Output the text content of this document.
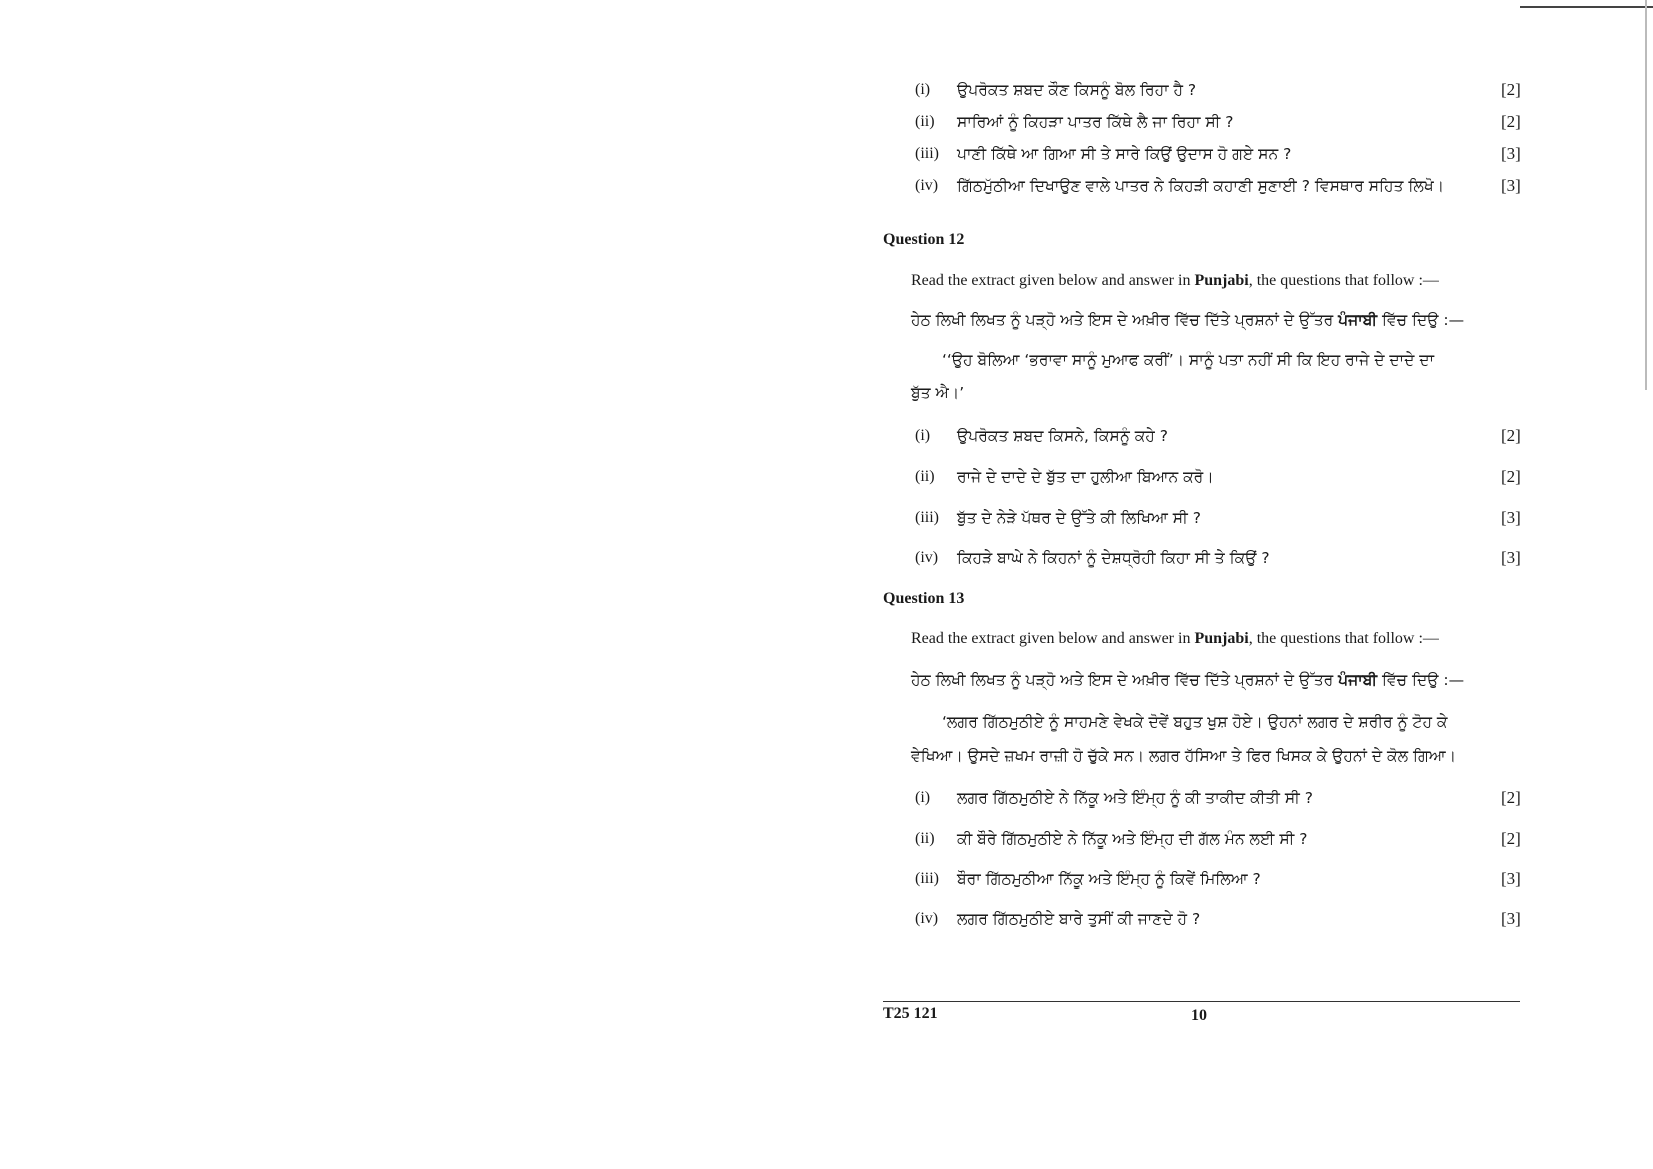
(i) ਉਪਰੋਕਤ ਸ਼ਬਦ ਕੌਣ ਕਿਸਨੂੰ ਬੋਲ ਰਿਹਾ ਹੈ ?	[2]
(ii) ਸਾਰਿਆਂ ਨੂੰ ਕਿਹੜਾ ਪਾਤਰ ਕਿੱਥੇ ਲੈ ਜਾ ਰਿਹਾ ਸੀ ?	[2]
(iii) ਪਾਣੀ ਕਿੱਥੇ ਆ ਗਿਆ ਸੀ ਤੇ ਸਾਰੇ ਕਿਉਂ ਉਦਾਸ ਹੋ ਗਏ ਸਨ ?	[3]
(iv) ਗਿੱਠਮੁੱਠੀਆ ਦਿਖਾਉਣ ਵਾਲੇ ਪਾਤਰ ਨੇ ਕਿਹੜੀ ਕਹਾਣੀ ਸੁਣਾਈ ? ਵਿਸਥਾਰ ਸਹਿਤ ਲਿਖੋ।	[3]
Question 12
Read the extract given below and answer in Punjabi, the questions that follow :—
ਹੇਠ ਲਿਖੀ ਲਿਖਤ ਨੂੰ ਪੜ੍ਹੋ ਅਤੇ ਇਸ ਦੇ ਅਖ਼ੀਰ ਵਿੱਚ ਦਿੱਤੇ ਪ੍ਰਸ਼ਨਾਂ ਦੇ ਉੱਤਰ ਪੰਜਾਬੀ ਵਿੱਚ ਦਿਉ :—
‘‘ਉਹ ਬੋਲਿਆ ‘ਭਰਾਵਾ ਸਾਨੂੰ ਮੁਆਫ ਕਰੀਂ’। ਸਾਨੂੰ ਪਤਾ ਨਹੀਂ ਸੀ ਕਿ ਇਹ ਰਾਜੇ ਦੇ ਦਾਦੇ ਦਾ
ਬੁੱਤ ਐ।’
(i) ਉਪਰੋਕਤ ਸ਼ਬਦ ਕਿਸਨੇ, ਕਿਸਨੂੰ ਕਹੇ ?	[2]
(ii) ਰਾਜੇ ਦੇ ਦਾਦੇ ਦੇ ਬੁੱਤ ਦਾ ਹੁਲੀਆ ਬਿਆਨ ਕਰੋ।	[2]
(iii) ਬੁੱਤ ਦੇ ਨੇੜੇ ਪੱਥਰ ਦੇ ਉੱਤੇ ਕੀ ਲਿਖਿਆ ਸੀ ?	[3]
(iv) ਕਿਹੜੇ ਬਾਘੇ ਨੇ ਕਿਹਨਾਂ ਨੂੰ ਦੇਸ਼ਧ੍ਰੋਹੀ ਕਿਹਾ ਸੀ ਤੇ ਕਿਉਂ ?	[3]
Question 13
Read the extract given below and answer in Punjabi, the questions that follow :—
ਹੇਠ ਲਿਖੀ ਲਿਖਤ ਨੂੰ ਪੜ੍ਹੋ ਅਤੇ ਇਸ ਦੇ ਅਖ਼ੀਰ ਵਿੱਚ ਦਿੱਤੇ ਪ੍ਰਸ਼ਨਾਂ ਦੇ ਉੱਤਰ ਪੰਜਾਬੀ ਵਿੱਚ ਦਿਉ :—
‘ਲਗਰ ਗਿੱਠਮੁਠੀਏ ਨੂੰ ਸਾਹਮਣੇ ਵੇਖਕੇ ਦੋਵੇਂ ਬਹੁਤ ਖੁਸ਼ ਹੋਏ। ਉਹਨਾਂ ਲਗਰ ਦੇ ਸ਼ਰੀਰ ਨੂੰ ਟੋਹ ਕੇ
ਵੇਖਿਆ। ਉਸਦੇ ਜ਼ਖਮ ਰਾਜ਼ੀ ਹੋ ਚੁੱਕੇ ਸਨ। ਲਗਰ ਹੱਸਿਆ ਤੇ ਫਿਰ ਖਿਸਕ ਕੇ ਉਹਨਾਂ ਦੇ ਕੋਲ ਗਿਆ।
(i) ਲਗਰ ਗਿੱਠਮੁਠੀਏ ਨੇ ਨਿੱਕੂ ਅਤੇ ਇੰਮ੍ਹ ਨੂੰ ਕੀ ਤਾਕੀਦ ਕੀਤੀ ਸੀ ?	[2]
(ii) ਕੀ ਬੌਰੇ ਗਿੱਠਮੁਠੀਏ ਨੇ ਨਿੱਕੂ ਅਤੇ ਇੰਮ੍ਹ ਦੀ ਗੱਲ ਮੰਨ ਲਈ ਸੀ ?	[2]
(iii) ਬੌਰਾ ਗਿੱਠਮੁਠੀਆ ਨਿੱਕੂ ਅਤੇ ਇੰਮ੍ਹ ਨੂੰ ਕਿਵੇਂ ਮਿਲਿਆ ?	[3]
(iv) ਲਗਰ ਗਿੱਠਮੁਠੀਏ ਬਾਰੇ ਤੁਸੀਂ ਕੀ ਜਾਣਦੇ ਹੋ ?	[3]
T25 121	10
